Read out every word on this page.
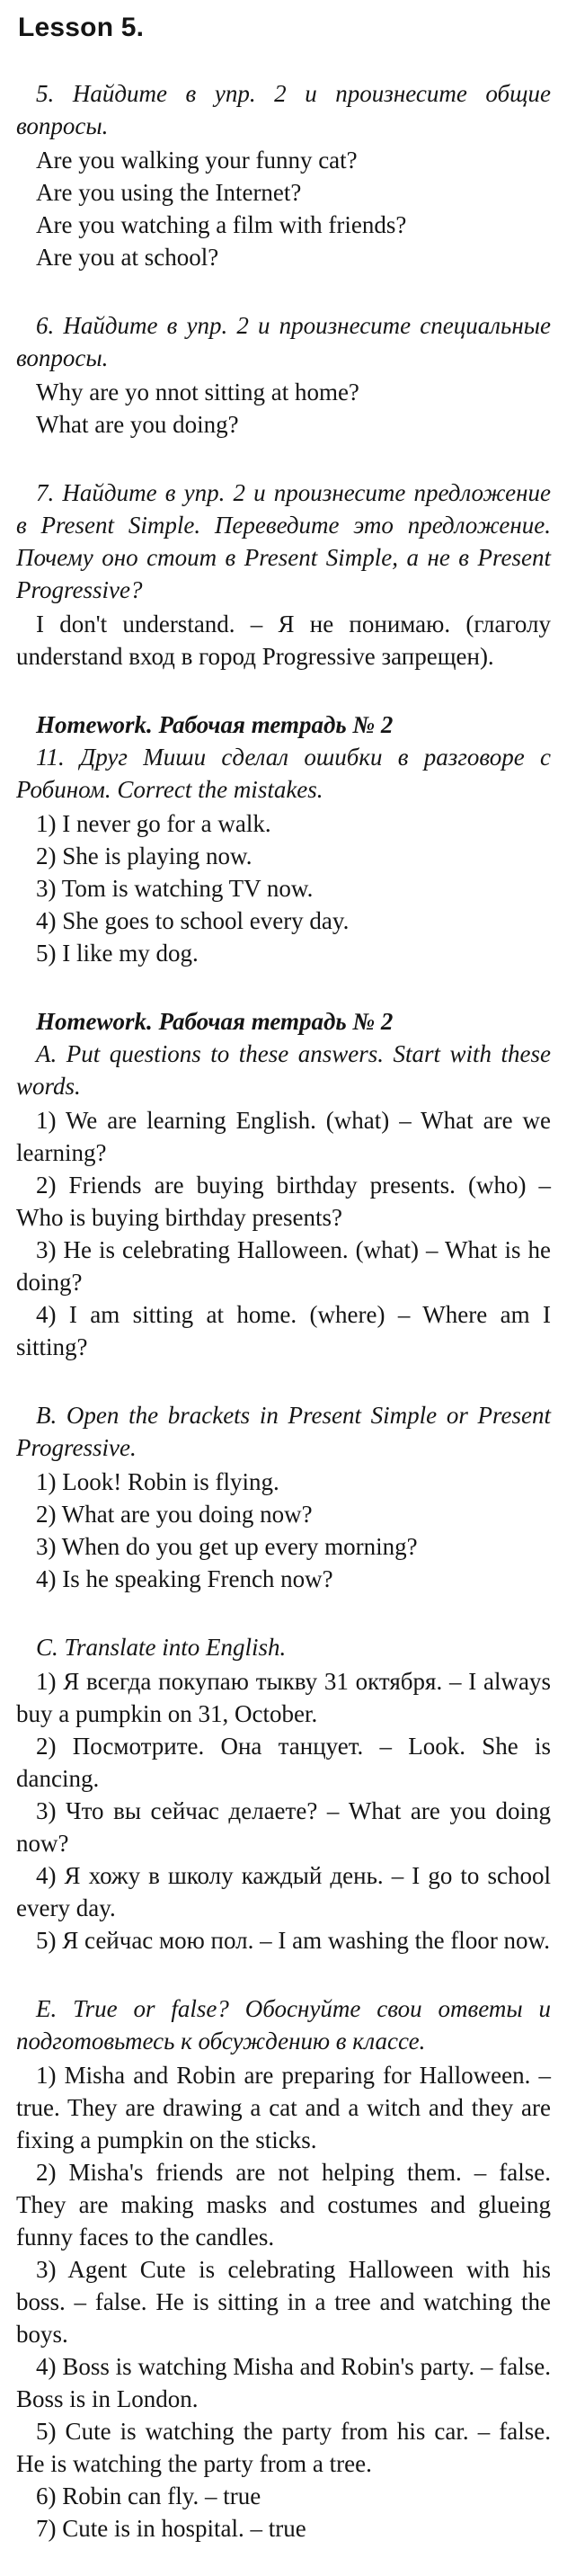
Lesson 5.

5. Найдите в упр. 2 и произнесите общие вопросы.

Are you walking your funny cat?

Are you using the Internet?

Are you watching a film with friends?

Are you at school?

6. Найдите в упр. 2 и произнесите специальные вопросы.

Why are yo nnot sitting at home?

What are you doing?

7. Найдите в упр. 2 и произнесите предложение в Present Simple. Переведите это предложение. Почему оно стоит в Present Simple, а не в Present Progressive?

I don't understand. – Я не понимаю. (глаголу understand вход в город Progressive запрещен).

Homework. Рабочая тетрадь № 2

11. Друг Миши сделал ошибки в разговоре с Робином. Correct the mistakes.

1) I never go for a walk.

2) She is playing now.

3) Tom is watching TV now.

4) She goes to school every day.

5) I like my dog.

Homework. Рабочая тетрадь № 2

A. Put questions to these answers. Start with these words.

1) We are learning English. (what) – What are we learning?

2) Friends are buying birthday presents. (who) – Who is buying birthday presents?

3) He is celebrating Halloween. (what) – What is he doing?

4) I am sitting at home. (where) – Where am I sitting?

B. Open the brackets in Present Simple or Present Progressive.

1) Look! Robin is flying.

2) What are you doing now?

3) When do you get up every morning?

4) Is he speaking French now?

C. Translate into English.

1) Я всегда покупаю тыкву 31 октября. – I always buy a pumpkin on 31, October.

2) Посмотрите. Она танцует. – Look. She is dancing.

3) Что вы сейчас делаете? – What are you doing now?

4) Я хожу в школу каждый день. – I go to school every day.

5) Я сейчас мою пол. – I am washing the floor now.

E. True or false? Обоснуйте свои ответы и подготовьтесь к обсуждению в классе.

1) Misha and Robin are preparing for Halloween. – true. They are drawing a cat and a witch and they are fixing a pumpkin on the sticks.

2) Misha's friends are not helping them. – false. They are making masks and costumes and glueing funny faces to the candles.

3) Agent Cute is celebrating Halloween with his boss. – false. He is sitting in a tree and watching the boys.

4) Boss is watching Misha and Robin's party. – false. Boss is in London.

5) Cute is watching the party from his car. – false. He is watching the party from a tree.

6) Robin can fly. – true

7) Cute is in hospital. – true
